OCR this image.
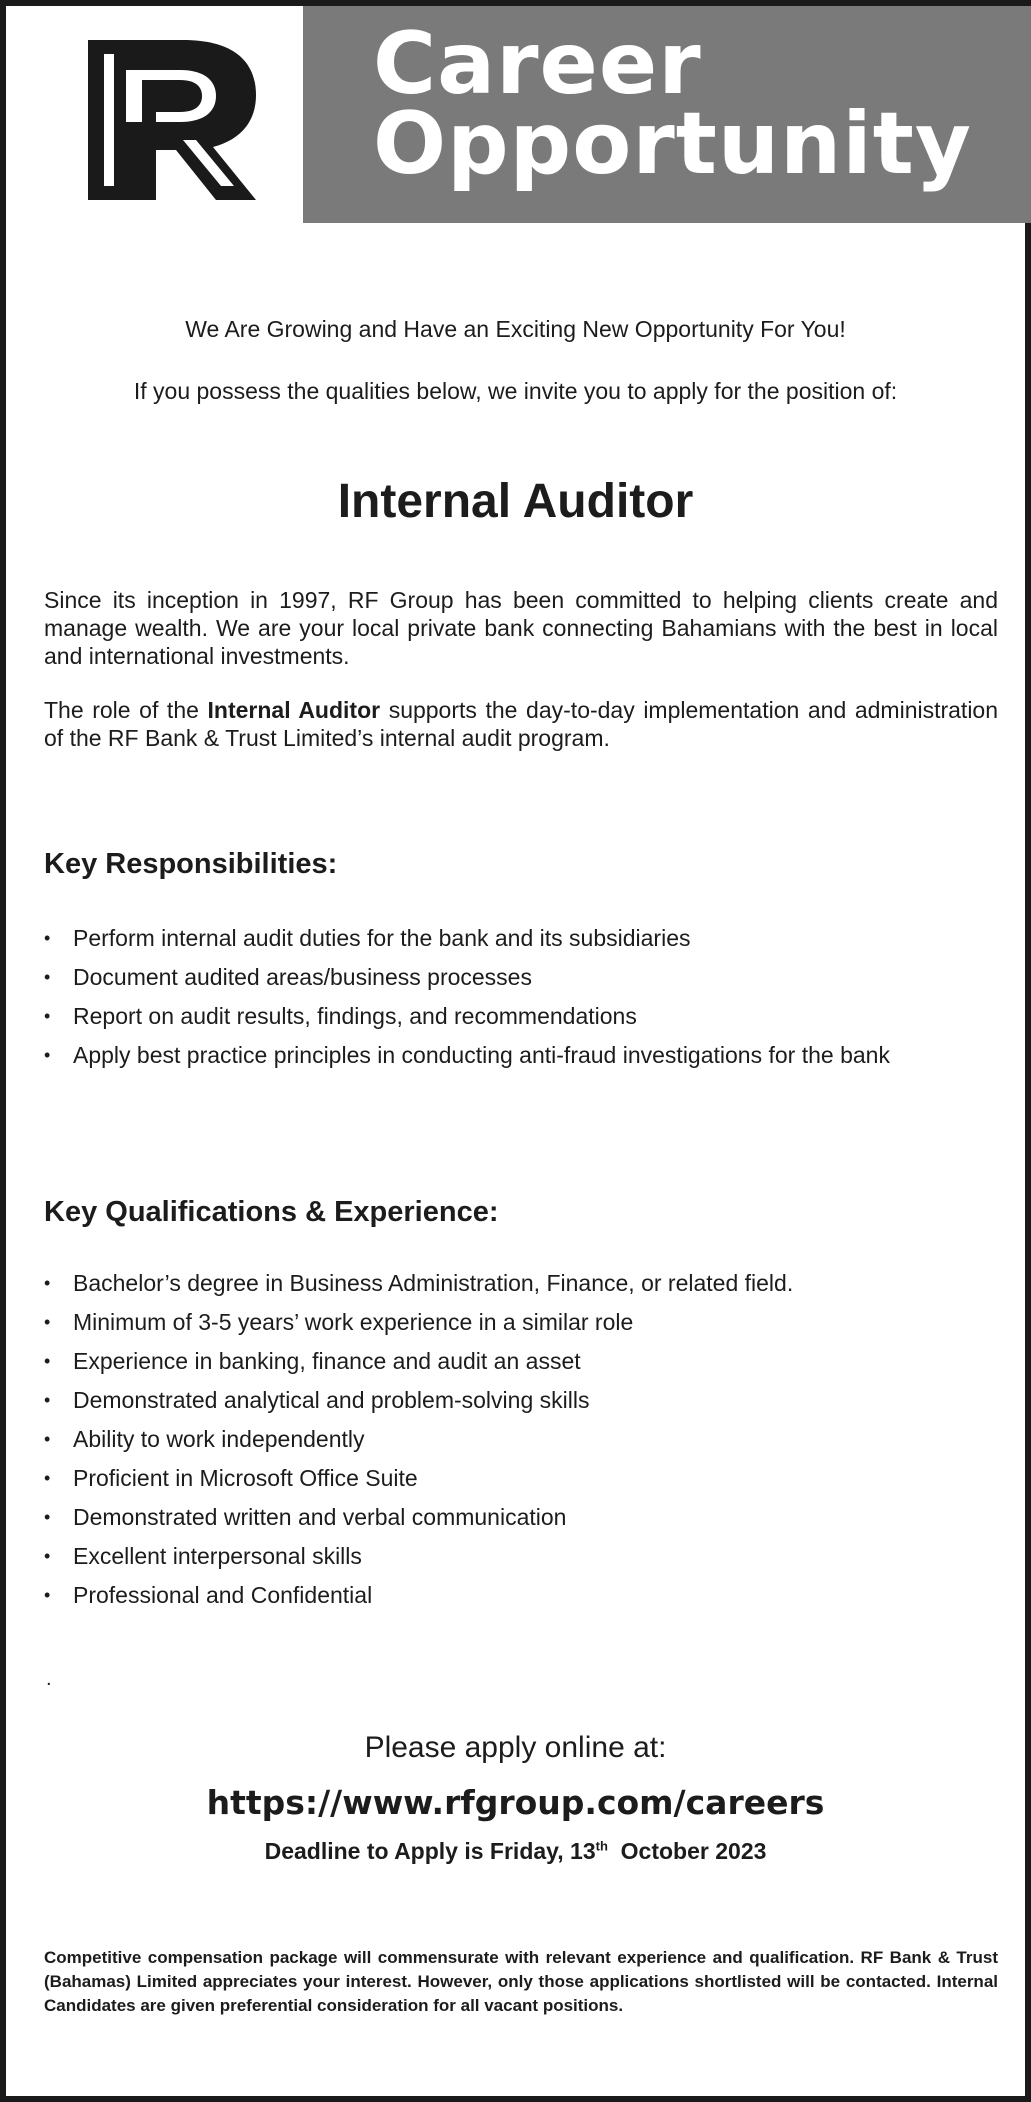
Career
Opportunity
We Are Growing and Have an Exciting New Opportunity For You!
If you possess the qualities below, we invite you to apply for the position of:
Internal Auditor
Since its inception in 1997, RF Group has been committed to helping clients create and manage wealth. We are your local private bank connecting Bahamians with the best in local and international investments.
The role of the Internal Auditor supports the day-to-day implementation and administration of the RF Bank & Trust Limited’s internal audit program.
Key Responsibilities:
• Perform internal audit duties for the bank and its subsidiaries
• Document audited areas/business processes
• Report on audit results, findings, and recommendations
• Apply best practice principles in conducting anti-fraud investigations for the bank
Key Qualifications & Experience:
• Bachelor’s degree in Business Administration, Finance, or related field.
• Minimum of 3-5 years’ work experience in a similar role
• Experience in banking, finance and audit an asset
• Demonstrated analytical and problem-solving skills
• Ability to work independently
• Proficient in Microsoft Office Suite
• Demonstrated written and verbal communication
• Excellent interpersonal skills
• Professional and Confidential
.
Please apply online at:
https://www.rfgroup.com/careers
Deadline to Apply is Friday, 13th October 2023
Competitive compensation package will commensurate with relevant experience and qualification. RF Bank & Trust (Bahamas) Limited appreciates your interest. However, only those applications shortlisted will be contacted. Internal Candidates are given preferential consideration for all vacant positions.
